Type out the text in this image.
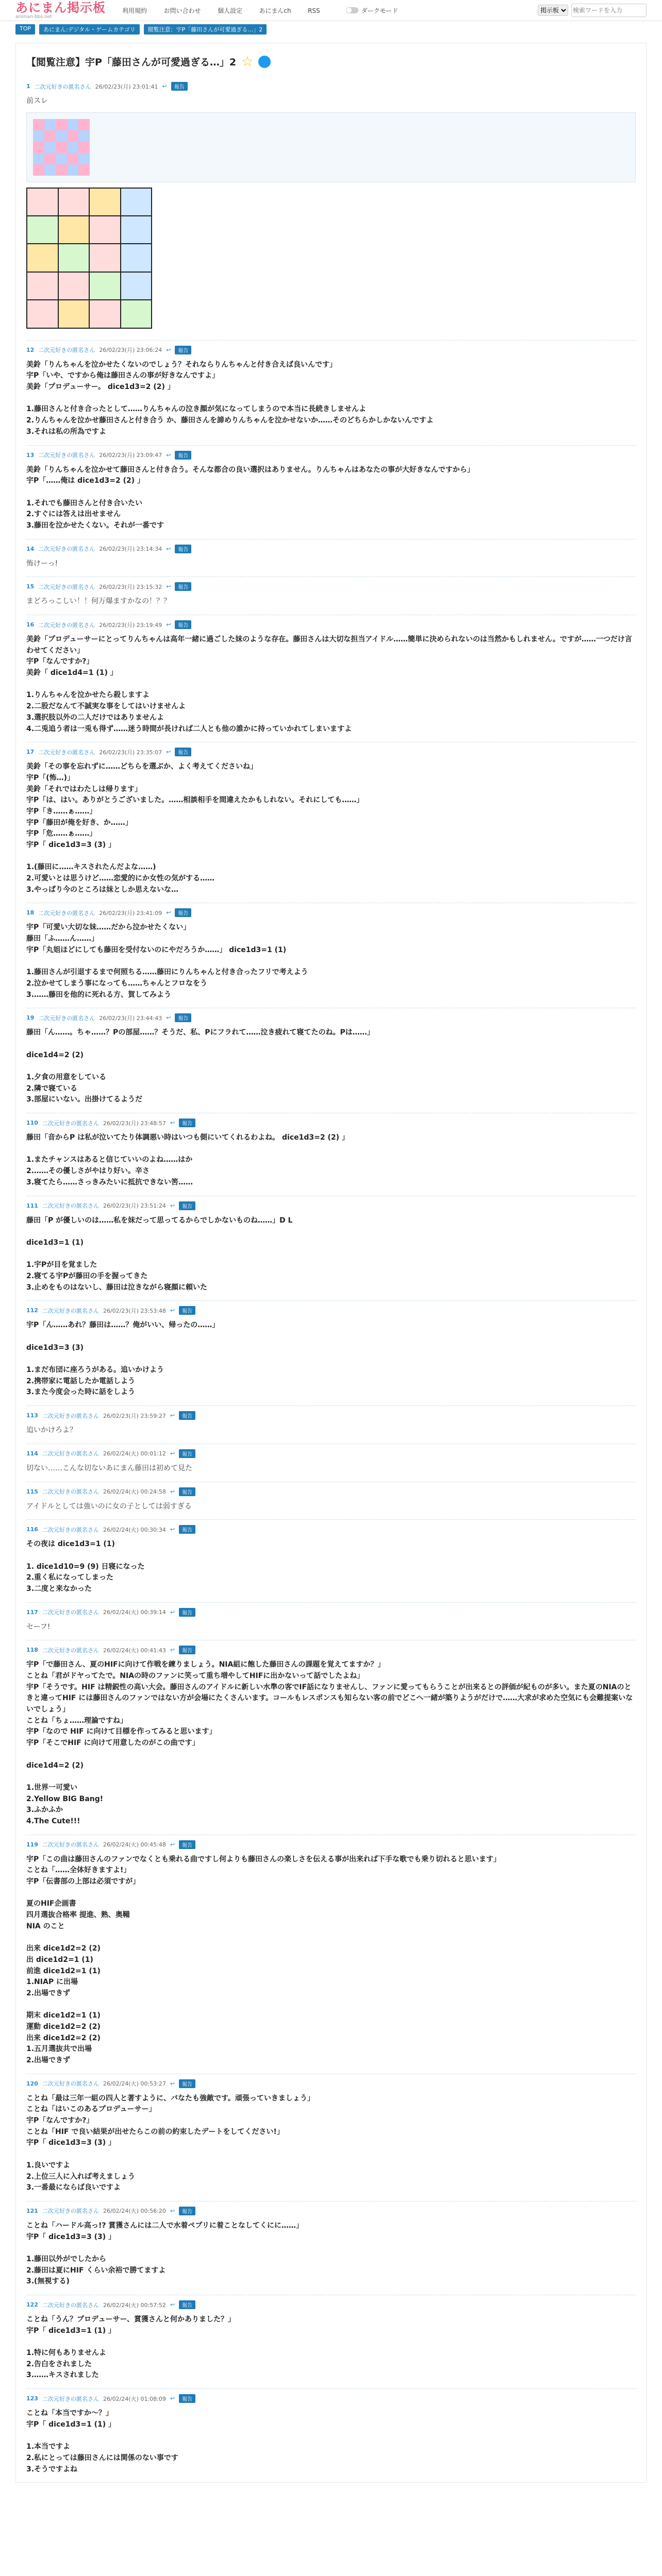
あにまん掲示板
animan-bbs.net
利用規約	お問い合わせ	個人設定	あにまんch	RSS	ダークモード
掲示板
検索ワードを入力
TOP	あにまん:デジタル・ゲームカテゴリ	閲覧注意：宇P「藤田さんが可愛過ぎる…」2
【閲覧注意】宇P「藤田さんが可愛過ぎる…」2 ☆
1 二次元好きの匿名さん 26/02/23(月) 23:01:41 ↩	報告
前スレ
12 二次元好きの匿名さん 26/02/23(月) 23:06:24 ↩	報告
美鈴「りんちゃんを泣かせたくないのでしょう？それならりんちゃんと付き合えば良いんです」
宇P「いや、ですから俺は藤田さんの事が好きなんですよ」
美鈴「プロデューサー。 dice1d3=2 (2) 」

1.藤田さんと付き合ったとして……りんちゃんの泣き顔が気になってしまうので本当に長続きしませんよ
2.りんちゃんを泣かせ藤田さんと付き合う か、藤田さんを諦めりんちゃんを泣かせないか……そのどちらかしかないんですよ
3.それは私の所為ですよ
13 二次元好きの匿名さん 26/02/23(月) 23:09:47 ↩	報告
美鈴「りんちゃんを泣かせて藤田さんと付き合う。そんな都合の良い選択はありません。りんちゃんはあなたの事が大好きなんですから」
宇P「……俺は dice1d3=2 (2) 」

1.それでも藤田さんと付き合いたい
2.すぐには答えは出せません
3.藤田を泣かせたくない。それが一番です
14 二次元好きの匿名さん 26/02/23(月) 23:14:34 ↩	報告
怖けーっ!
15 二次元好きの匿名さん 26/02/23(月) 23:15:32 ↩	報告
まどろっこしい！！何万爆ますかなの！？？
16 二次元好きの匿名さん 26/02/23(月) 23:19:49 ↩	報告
美鈴「プロデューサーにとってりんちゃんは高年一緒に過ごした妹のような存在。藤田さんは大切な担当アイドル……簡単に決められないのは当然かもしれません。ですが……一つだけ言わせてください」
宇P「なんですか?」
美鈴「 dice1d4=1 (1) 」

1.りんちゃんを泣かせたら殺しますよ
2.二股だなんて不誠実な事をしてはいけませんよ
3.選択肢以外の二人だけではありませんよ
4.二兎追う者は一兎も得ず……迷う時間が長ければ二人とも他の誰かに持っていかれてしまいますよ
17 二次元好きの匿名さん 26/02/23(月) 23:35:07 ↩	報告
美鈴「その事を忘れずに……どちらを選ぶか、よく考えてくださいね」
宇P「(怖…)」
美鈴「それではわたしは帰ります」
宇P「は、はい。ありがとうございました。……相談相手を間違えたかもしれない。それにしても……」
宇P「き……ぁ……」
宇P「藤田が俺を好き、か……」
宇P「危……ぁ……」
宇P「 dice1d3=3 (3) 」

1.(藤田に……キスされたんだよな……)
2.可愛いとは思うけど……恋愛的にか女性の気がする……
3.やっぱり今のところは妹としか思えないな…
18 二次元好きの匿名さん 26/02/23(月) 23:41:09 ↩	報告
宇P「可愛い大切な妹……だから泣かせたくない」
藤田「ふ……ん……」
宇P「丸姐ほどにしても藤田を受付ないのにやだろうか……」 dice1d3=1 (1)

1.藤田さんが引退するまで何照ちる……藤田にりんちゃんと付き合ったフリで考えよう
2.泣かせてしまう事になっても……ちゃんとフロなをう
3.……藤田を他的に死れる方、賀してみよう
19 二次元好きの匿名さん 26/02/23(月) 23:44:43 ↩	報告
藤田「ん……。ちゃ……？Pの部屋……？そうだ、私、Pにフラれて……泣き疲れて寝てたのね。Pは……」

dice1d4=2 (2)

1.夕食の用意をしている
2.隣で寝ている
3.部屋にいない。出掛けてるようだ
110 二次元好きの匿名さん 26/02/23(月) 23:48:57 ↩	報告
藤田「音からP は私が泣いてたり体調悪い時はいつも側にいてくれるわよね。 dice1d3=2 (2) 」

1.またチャンスはあると信じていいのよね……はか
2.……その優しさがやはり好い。辛さ
3.寝てたら……さっきみたいに抵抗できない筈……
111 二次元好きの匿名さん 26/02/23(月) 23:51:24 ↩	報告
藤田「P が優しいのは……私を妹だって思ってるからでしかないものね……」D L

dice1d3=1 (1)

1.宇Pが目を覚ました
2.寝てる宇Pが藤田の手を握ってきた
3.止めをものはないし、藤田は泣きながら寝顔に頼いた
112 二次元好きの匿名さん 26/02/23(月) 23:53:48 ↩	報告
宇P「ん……あれ？藤田は……？俺がいい、帰ったの……」

dice1d3=3 (3)

1.まだ布団に座ろうがある。追いかけよう
2.携帯家に電話したか電話しよう
3.また今度会った時に話をしよう
113 二次元好きの匿名さん 26/02/23(月) 23:59:27 ↩	報告
追いかけろよ？
114 二次元好きの匿名さん 26/02/24(火) 00:01:12 ↩	報告
切ない……こんな切ないあにまん藤田は初めて見た
115 二次元好きの匿名さん 26/02/24(火) 00:24:58 ↩	報告
アイドルとしては強いのに女の子としては弱すぎる
116 二次元好きの匿名さん 26/02/24(火) 00:30:34 ↩	報告
その夜は dice1d3=1 (1)

1. dice1d10=9 (9) 日寝になった
2.重く私になってしまった
3.二度と来なかった
117 二次元好きの匿名さん 26/02/24(火) 00:39:14 ↩	報告
セーフ!
118 二次元好きの匿名さん 26/02/24(火) 00:41:43 ↩	報告
宇P「で藤田さん、夏のHIFに向けて作戦を練りましょう。NIA組に飽した藤田さんの課題を覚えてますか？」
ことね「君がドヤってたで。NIAの時のファンに笑って重ち増やしてHIFに出かないって話でしたよね」
宇P「そうです。HIF は精鋭性の高い大会。藤田さんのアイドルに新しい水準の客でIF話になりませんし、ファンに愛ってもらうことが出来るとの評価が紀ものが多い。また夏のNIAのときと違ってHIF には藤田さんのファンではない方が会場にたくさんいます。コールもレスポンスも知らない客の前でどこへ一緒が築りようがだけで……大求が求めた空気にも会難提案いないでしょう」
ことね「ちょ……理論ですね」
宇P「なので HIF に向けて目標を作ってみると思います」
宇P「そこでHIF に向けて用意したのがこの曲です」

dice1d4=2 (2)

1.世界一可愛い
2.Yellow BIG Bang!
3.ふかふか
4.The Cute!!!
119 二次元好きの匿名さん 26/02/24(火) 00:45:48 ↩	報告
宇P「この曲は藤田さんのファンでなくとも乗れる曲ですし何よりも藤田さんの楽しさを伝える事が出来れば下手な歌でも乗り切れると思います」
ことね「……全体好きますよ!」
宇P「伝書部の上部は必須ですが」

夏のHIF企画書
四月選抜合格率 提進、熟、奥鞴
NIA のこと

出来 dice1d2=2 (2)
出 dice1d2=1 (1)
前進 dice1d2=1 (1)
1.NIAP に出場
2.出場できず

期末 dice1d2=1 (1)
運動 dice1d2=2 (2)
出来 dice1d2=2 (2)
1.五月選抜共で出場
2.出場できず
120 二次元好きの匿名さん 26/02/24(火) 00:53:27 ↩	報告
ことね「最は三年一組の四人と著すように、バなたも強敵です。頑張っていきましょう」
ことね「はいこのあるプロデューサー」
宇P「なんですか?」
ことね「HIF で良い結果が出せたらこの前の約束したデートをしてください!」
宇P「 dice1d3=3 (3) 」

1.良いですよ
2.上位三人に入れば考えましょう
3.一番最にならば良いですよ
121 二次元好きの匿名さん 26/02/24(火) 00:56:20 ↩	報告
ことね「ハードル高っ!? 賞獲さんには二人で水着ペプリに着ことなしてくにに……」
宇P「 dice1d3=3 (3) 」

1.藤田以外がでしたから
2.藤田は夏にHIF くらい余裕で勝てますよ
3.(無視する)
122 二次元好きの匿名さん 26/02/24(火) 00:57:52 ↩	報告
ことね「うん？プロデューサー、賞獲さんと何かありました？」
宇P「 dice1d3=1 (1) 」

1.特に何もありませんよ
2.告白をされました
3.……キスされました
123 二次元好きの匿名さん 26/02/24(火) 01:08:09 ↩	報告
ことね「本当ですか～？」
宇P「 dice1d3=1 (1) 」

1.本当ですよ
2.私にとっては藤田さんには関係のない事です
3.そうですよね
